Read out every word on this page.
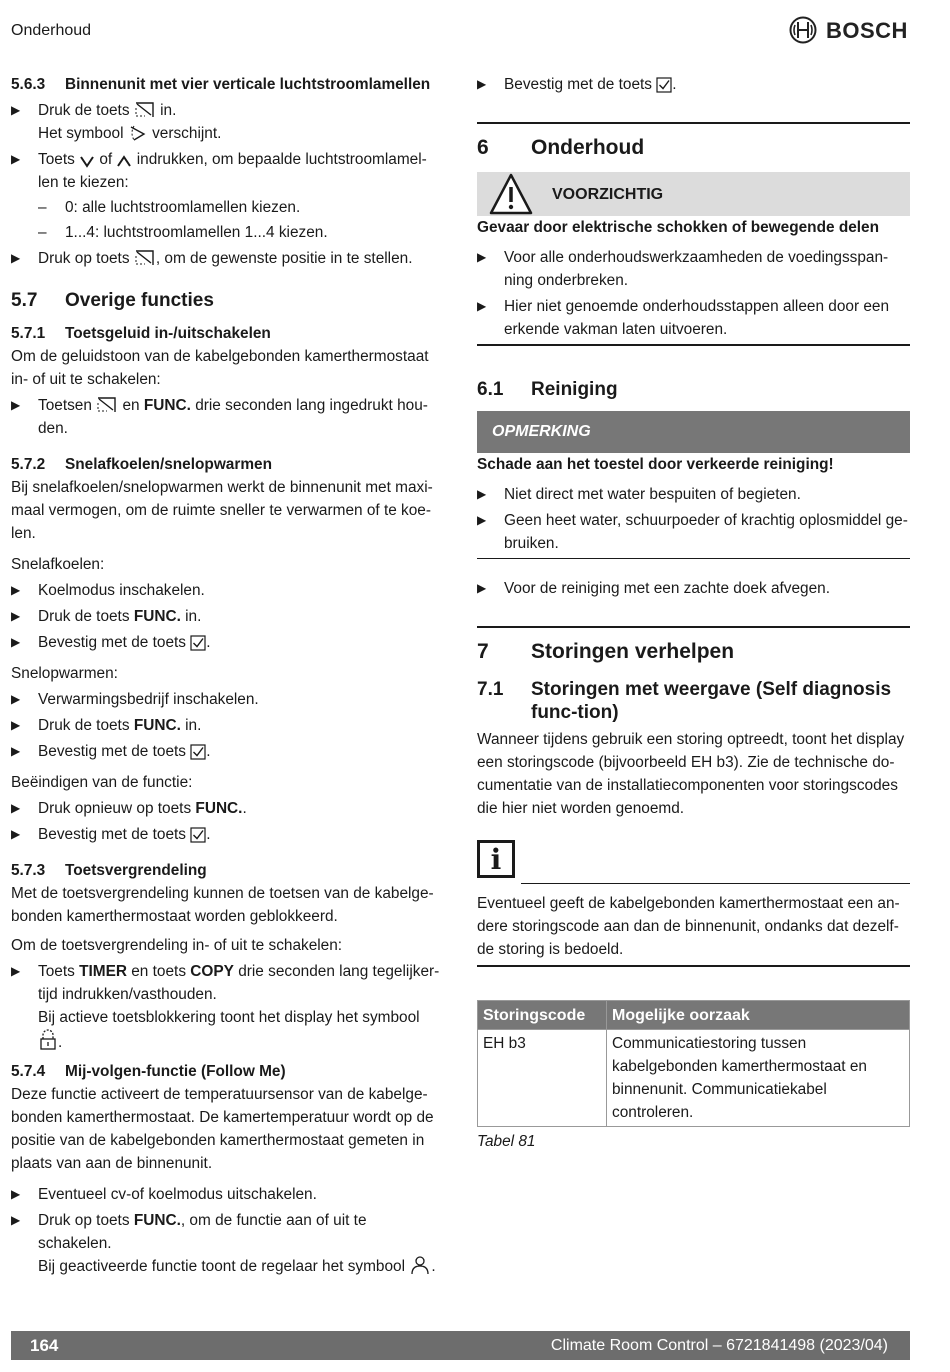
Onderhoud	BOSCH

5.6.3 Binnenunit met vier verticale luchtstroomlamellen

▶ Druk de toets in.
Het symbool verschijnt.
▶ Toets of indrukken, om bepaalde luchtstroomlamel-
len te kiezen:
– 0: alle luchtstroomlamellen kiezen.
– 1...4: luchtstroomlamellen 1...4 kiezen.
▶ Druk op toets , om de gewenste positie in te stellen.

5.7 Overige functies

5.7.1 Toetsgeluid in-/uitschakelen

Om de geluidstoon van de kabelgebonden kamerthermostaat in- of uit te schakelen:

▶ Toetsen en FUNC. drie seconden lang ingedrukt hou-
den.

5.7.2 Snelafkoelen/snelopwarmen

Bij snelafkoelen/snelopwarmen werkt de binnenunit met maxi-maal vermogen, om de ruimte sneller te verwarmen of te koe-len.

Snelafkoelen:

▶ Koelmodus inschakelen.
▶ Druk de toets FUNC. in.
▶ Bevestig met de toets .

Snelopwarmen:

▶ Verwarmingsbedrijf inschakelen.
▶ Druk de toets FUNC. in.
▶ Bevestig met de toets .

Beëindigen van de functie:

▶ Druk opnieuw op toets FUNC..
▶ Bevestig met de toets .

5.7.3 Toetsvergrendeling

Met de toetsvergrendeling kunnen de toetsen van de kabelge-bonden kamerthermostaat worden geblokkeerd.

Om de toetsvergrendeling in- of uit te schakelen:

▶ Toets TIMER en toets COPY drie seconden lang tegelijker-tijd indrukken/vasthouden.
Bij actieve toetsblokkering toont het display het symbool
.

5.7.4 Mij-volgen-functie (Follow Me)

Deze functie activeert de temperatuursensor van de kabelge-bonden kamerthermostaat. De kamertemperatuur wordt op de positie van de kabelgebonden kamerthermostaat gemeten in plaats van aan de binnenunit.

▶ Eventueel cv-of koelmodus uitschakelen.
▶ Druk op toets FUNC., om de functie aan of uit te schakelen.
Bij geactiveerde functie toont de regelaar het symbool .
▶ Bevestig met de toets .

6 Onderhoud

VOORZICHTIG

Gevaar door elektrische schokken of bewegende delen

▶ Voor alle onderhoudswerkzaamheden de voedingsspan-ning onderbreken.
▶ Hier niet genoemde onderhoudsstappen alleen door een erkende vakman laten uitvoeren.

6.1 Reiniging

OPMERKING

Schade aan het toestel door verkeerde reiniging!

▶ Niet direct met water bespuiten of begieten.
▶ Geen heet water, schuurpoeder of krachtig oplosmiddel ge-bruiken.
▶ Voor de reiniging met een zachte doek afvegen.

7 Storingen verhelpen

7.1	Storingen met weergave (Self diagnosis func-tion)

Wanneer tijdens gebruik een storing optreedt, toont het display een storingscode (bijvoorbeeld EH b3). Zie de technische do-cumentatie van de installatiecomponenten voor storingscodes die hier niet worden genoemd.

i

Eventueel geeft de kabelgebonden kamerthermostaat een an-dere storingscode aan dan de binnenunit, ondanks dat dezelf-de storing is bedoeld.

Storingscode	Mogelijke oorzaak
EH b3	Communicatiestoring tussen kabelgebonden kamerthermostaat en binnenunit. Communicatiekabel controleren.

Tabel 81

164	Climate Room Control – 6721841498 (2023/04)
